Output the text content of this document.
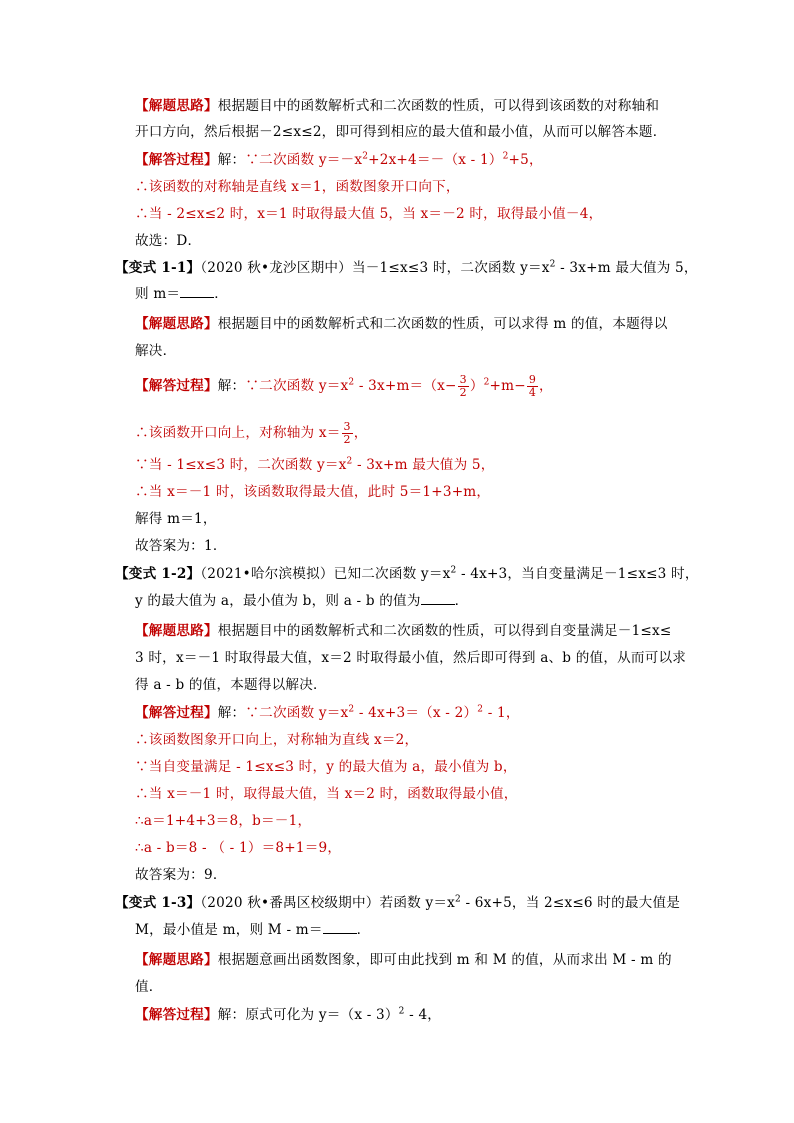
【解题思路】根据题目中的函数解析式和二次函数的性质，可以得到该函数的对称轴和
开口方向，然后根据－2≤x≤2，即可得到相应的最大值和最小值，从而可以解答本题．
【解答过程】解：∵二次函数 $y=-x^2+2x+4=-(x - 1)^2+5$，
∴该函数的对称轴是直线 x＝1，函数图象开口向下，
∴当 - 2≤x≤2 时，x＝1 时取得最大值 5，当 x＝－2 时，取得最小值－4，
故选：D．
【变式 1-1】（2020 秋•龙沙区期中）当－1≤x≤3 时，二次函数 $y=x^2 - 3x+m$ 最大值为 5，
则 m＝	．
【解题思路】根据题目中的函数解析式和二次函数的性质，可以求得 m 的值，本题得以
解决．
【解答过程】解：∵二次函数 $y=x^2 - 3x+m=(x- \frac{3}{2} )^2+m- \frac{9}{4}$ ，
∴该函数开口向上，对称轴为 $x= \frac{3}{2}$ ，
∵当 - 1≤x≤3 时，二次函数 $y=x^2 - 3x+m$ 最大值为 5，
∴当 x＝－1 时，该函数取得最大值，此时 5＝1+3+m，
解得 m＝1，
故答案为：1．
【变式 1-2】（2021•哈尔滨模拟）已知二次函数 $y=x^2 - 4x+3$，当自变量满足－1≤x≤3 时，
y 的最大值为 a，最小值为 b，则 a - b 的值为	．
【解题思路】根据题目中的函数解析式和二次函数的性质，可以得到自变量满足－1≤x≤
3 时，x＝－1 时取得最大值，x＝2 时取得最小值，然后即可得到 a、b 的值，从而可以求
得 a - b 的值，本题得以解决．
【解答过程】解：∵二次函数 $y=x^2 - 4x+3=(x - 2)^2 - 1$，
∴该函数图象开口向上，对称轴为直线 x＝2，
∵当自变量满足 - 1≤x≤3 时，y 的最大值为 a，最小值为 b，
∴当 x＝－1 时，取得最大值，当 x＝2 时，函数取得最小值，
∴a＝1+4+3＝8，b＝－1，
∴a - b＝8 - （ - 1）＝8+1＝9，
故答案为：9．
【变式 1-3】（2020 秋•番禺区校级期中）若函数 $y=x^2 - 6x+5$，当 2≤x≤6 时的最大值是
M，最小值是 m，则 M - m＝	．
【解题思路】根据题意画出函数图象，即可由此找到 m 和 M 的值，从而求出 M - m 的
值．
【解答过程】解：原式可化为 y＝（x - 3）$^2$ - 4，
